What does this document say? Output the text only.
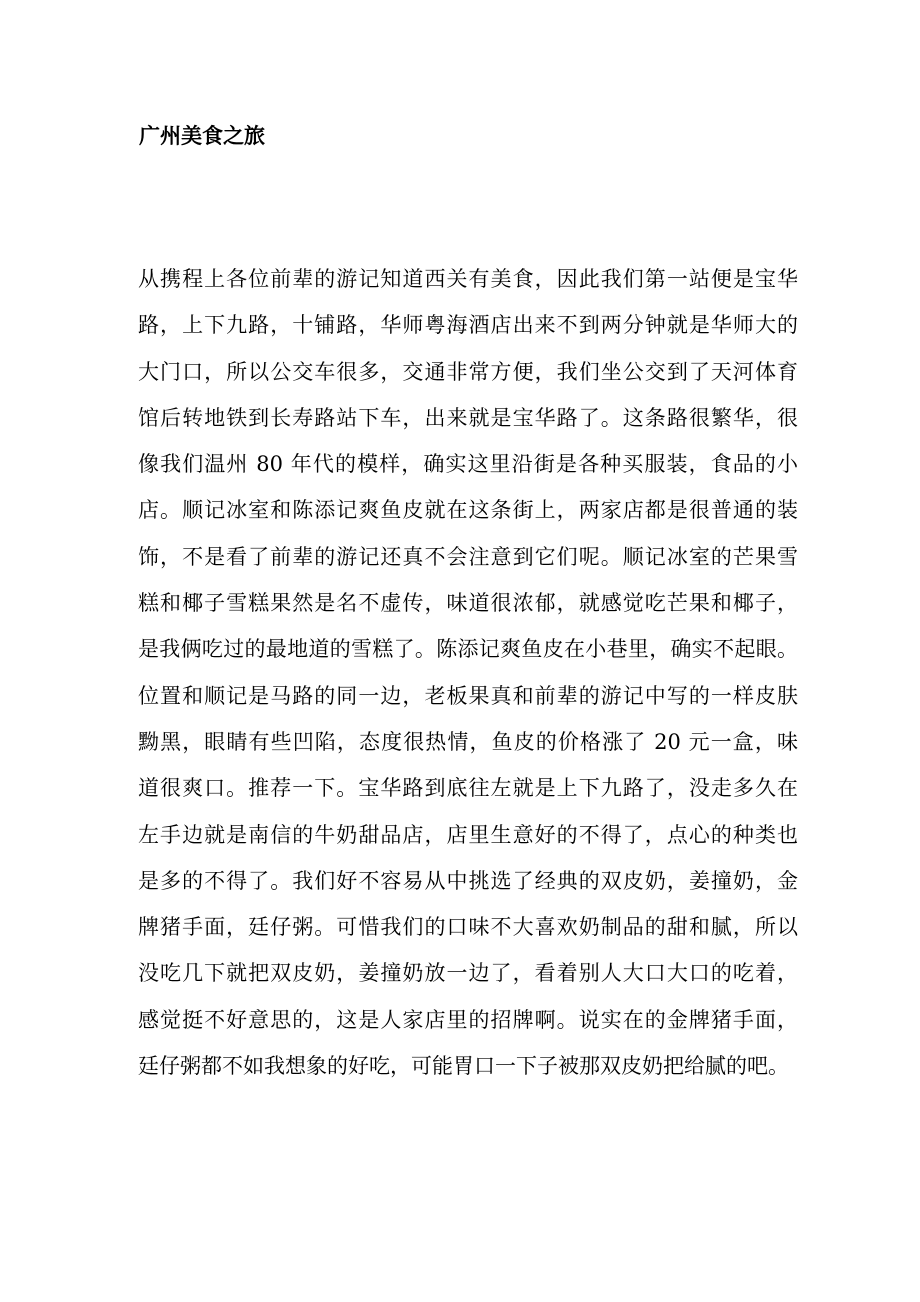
广州美食之旅
从携程上各位前辈的游记知道西关有美食，因此我们第一站便是宝华
路，上下九路，十铺路，华师粤海酒店出来不到两分钟就是华师大的
大门口，所以公交车很多，交通非常方便，我们坐公交到了天河体育
馆后转地铁到长寿路站下车，出来就是宝华路了。这条路很繁华，很
像我们温州 80 年代的模样，确实这里沿街是各种买服装，食品的小
店。顺记冰室和陈添记爽鱼皮就在这条街上，两家店都是很普通的装
饰，不是看了前辈的游记还真不会注意到它们呢。顺记冰室的芒果雪
糕和椰子雪糕果然是名不虚传，味道很浓郁，就感觉吃芒果和椰子，
是我俩吃过的最地道的雪糕了。陈添记爽鱼皮在小巷里，确实不起眼。
位置和顺记是马路的同一边，老板果真和前辈的游记中写的一样皮肤
黝黑，眼睛有些凹陷，态度很热情，鱼皮的价格涨了 20 元一盒，味
道很爽口。推荐一下。宝华路到底往左就是上下九路了，没走多久在
左手边就是南信的牛奶甜品店，店里生意好的不得了，点心的种类也
是多的不得了。我们好不容易从中挑选了经典的双皮奶，姜撞奶，金
牌猪手面，廷仔粥。可惜我们的口味不大喜欢奶制品的甜和腻，所以
没吃几下就把双皮奶，姜撞奶放一边了，看着别人大口大口的吃着，
感觉挺不好意思的，这是人家店里的招牌啊。说实在的金牌猪手面，
廷仔粥都不如我想象的好吃，可能胃口一下子被那双皮奶把给腻的吧。
